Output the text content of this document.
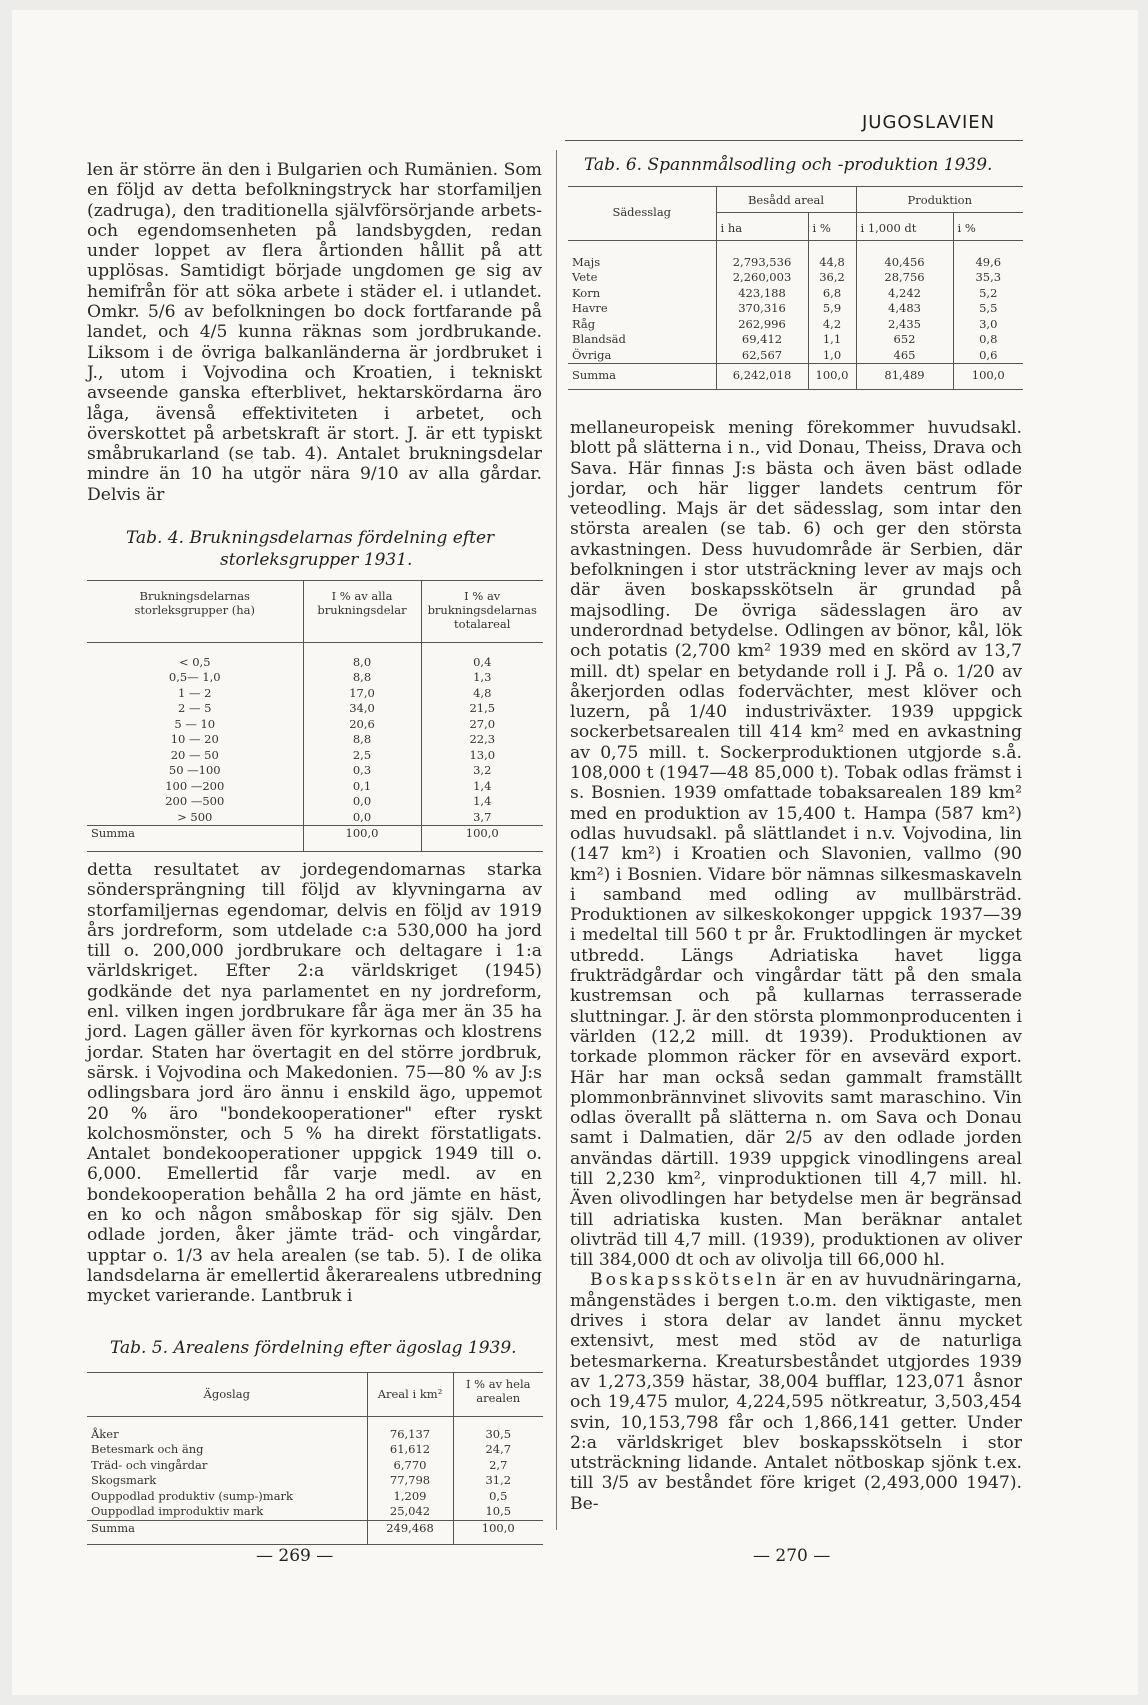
JUGOSLAVIEN

len är större än den i Bulgarien och Rumänien. Som en följd av detta befolkningstryck har storfamiljen (zadruga), den traditionella självförsörjande arbets- och egendomsenheten på landsbygden, redan under loppet av flera årtionden hållit på att upplösas. Samtidigt började ungdomen ge sig av hemifrån för att söka arbete i städer el. i utlandet. Omkr. 5/6 av befolkningen bo dock fortfarande på landet, och 4/5 kunna räknas som jordbrukande. Liksom i de övriga balkanländerna är jordbruket i J., utom i Vojvodina och Kroatien, i tekniskt avseende ganska efterblivet, hektarskördarna äro låga, ävenså effektiviteten i arbetet, och överskottet på arbetskraft är stort. J. är ett typiskt småbrukarland (se tab. 4). Antalet brukningsdelar mindre än 10 ha utgör nära 9/10 av alla gårdar. Delvis är

Tab. 4. Brukningsdelarnas fördelning efter
storleksgrupper 1931.
Brukningsdelarnas storleksgrupper (ha)	I % av alla brukningsdelar	I % av brukningsdelarnas totalareal

< 0,5	8,0	0,4
0,5— 1,0	8,8	1,3
1 — 2	17,0	4,8
2 — 5	34,0	21,5
5 — 10	20,6	27,0
10 — 20	8,8	22,3
20 — 50	2,5	13,0
50 —100	0,3	3,2
100 —200	0,1	1,4
200 —500	0,0	1,4
> 500	0,0	3,7
Summa	100,0	100,0

detta resultatet av jordegendomarnas starka söndersprängning till följd av klyvningarna av storfamiljernas egendomar, delvis en följd av 1919 års jordreform, som utdelade c:a 530,000 ha jord till o. 200,000 jordbrukare och deltagare i 1:a världskriget. Efter 2:a världskriget (1945) godkände det nya parlamentet en ny jordreform, enl. vilken ingen jordbrukare får äga mer än 35 ha jord. Lagen gäller även för kyrkornas och klostrens jordar. Staten har övertagit en del större jordbruk, särsk. i Vojvodina och Makedonien. 75—80 % av J:s odlingsbara jord äro ännu i enskild ägo, uppemot 20 % äro "bondekooperationer" efter ryskt kolchosmönster, och 5 % ha direkt förstatligats. Antalet bondekooperationer uppgick 1949 till o. 6,000. Emellertid får varje medl. av en bondekooperation behålla 2 ha ord jämte en häst, en ko och någon småboskap för sig själv. Den odlade jorden, åker jämte träd- och vingårdar, upptar o. 1/3 av hela arealen (se tab. 5). I de olika landsdelarna är emellertid åkerarealens utbredning mycket varierande. Lantbruk i

Tab. 5. Arealens fördelning efter ägoslag 1939.
Ägoslag	Areal i km²	I % av hela arealen

Åker	76,137	30,5
Betesmark och äng	61,612	24,7
Träd- och vingårdar	6,770	2,7
Skogsmark	77,798	31,2
Ouppodlad produktiv (sump-)mark	1,209	0,5
Ouppodlad improduktiv mark	25,042	10,5
Summa	249,468	100,0
Tab. 6. Spannmålsodling och -produktion 1939.
Sädesslag	Besådd areal		Produktion	
	i ha	i %	i 1,000 dt	i %

Majs	2,793,536	44,8	40,456	49,6
Vete	2,260,003	36,2	28,756	35,3
Korn	423,188	6,8	4,242	5,2
Havre	370,316	5,9	4,483	5,5
Råg	262,996	4,2	2,435	3,0
Blandsäd	69,412	1,1	652	0,8
Övriga	62,567	1,0	465	0,6
Summa	6,242,018	100,0	81,489	100,0

mellaneuropeisk mening förekommer huvudsakl. blott på slätterna i n., vid Donau, Theiss, Drava och Sava. Här finnas J:s bästa och även bäst odlade jordar, och här ligger landets centrum för veteodling. Majs är det sädesslag, som intar den största arealen (se tab. 6) och ger den största avkastningen. Dess huvudområde är Serbien, där befolkningen i stor utsträckning lever av majs och där även boskapsskötseln är grundad på majsodling. De övriga sädesslagen äro av underordnad betydelse. Odlingen av bönor, kål, lök och potatis (2,700 km² 1939 med en skörd av 13,7 mill. dt) spelar en betydande roll i J. På o. 1/20 av åkerjorden odlas fodervächter, mest klöver och luzern, på 1/40 industriväxter. 1939 uppgick sockerbetsarealen till 414 km² med en avkastning av 0,75 mill. t. Sockerproduktionen utgjorde s.å. 108,000 t (1947—48 85,000 t). Tobak odlas främst i s. Bosnien. 1939 omfattade tobaksarealen 189 km² med en produktion av 15,400 t. Hampa (587 km²) odlas huvudsakl. på slättlandet i n.v. Vojvodina, lin (147 km²) i Kroatien och Slavonien, vallmo (90 km²) i Bosnien. Vidare bör nämnas silkesmaskaveln i samband med odling av mullbärsträd. Produktionen av silkeskokonger uppgick 1937—39 i medeltal till 560 t pr år. Fruktodlingen är mycket utbredd. Längs Adriatiska havet ligga frukträdgårdar och vingårdar tätt på den smala kustremsan och på kullarnas terrasserade sluttningar. J. är den största plommonproducenten i världen (12,2 mill. dt 1939). Produktionen av torkade plommon räcker för en avsevärd export. Här har man också sedan gammalt framställt plommonbrännvinet slivovits samt maraschino. Vin odlas överallt på slätterna n. om Sava och Donau samt i Dalmatien, där 2/5 av den odlade jorden användas därtill. 1939 uppgick vinodlingens areal till 2,230 km², vinproduktionen till 4,7 mill. hl. Även olivodlingen har betydelse men är begränsad till adriatiska kusten. Man beräknar antalet olivträd till 4,7 mill. (1939), produktionen av oliver till 384,000 dt och av olivolja till 66,000 hl.

Boskapsskötseln är en av huvudnäringarna, mångenstädes i bergen t.o.m. den viktigaste, men drives i stora delar av landet ännu mycket extensivt, mest med stöd av de naturliga betesmarkerna. Kreatursbeståndet utgjordes 1939 av 1,273,359 hästar, 38,004 bufflar, 123,071 åsnor och 19,475 mulor, 4,224,595 nötkreatur, 3,503,454 svin, 10,153,798 får och 1,866,141 getter. Under 2:a världskriget blev boskapsskötseln i stor utsträckning lidande. Antalet nötboskap sjönk t.ex. till 3/5 av beståndet före kriget (2,493,000 1947). Be-

— 269 —	— 270 —
